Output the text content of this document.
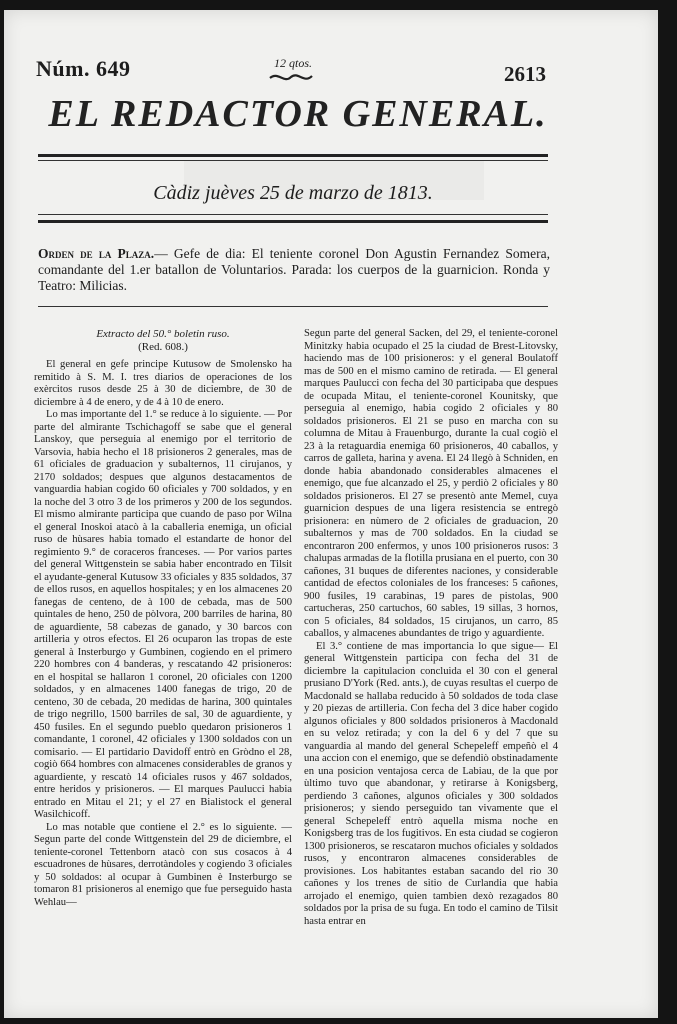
Núm. 649	12 qtos.	2613
EL REDACTOR GENERAL.
Càdiz juèves 25 de marzo de 1813.

Orden de la Plaza.— Gefe de dia: El teniente coronel Don Agustin Fernandez Somera, comandante del 1.er batallon de Voluntarios. Parada: los cuerpos de la guarnicion. Ronda y Teatro: Milicias.

Extracto del 50.° boletin ruso.

(Red. 608.)

El general en gefe principe Kutusow de Smolensko ha remitido à S. M. I. tres diarios de operaciones de los exèrcitos rusos desde 25 à 30 de diciembre, de 30 de diciembre à 4 de enero, y de 4 à 10 de enero.

Lo mas importante del 1.° se reduce à lo siguiente. — Por parte del almirante Tschichagoff se sabe que el general Lanskoy, que perseguia al enemigo por el territorio de Varsovia, habia hecho el 18 prisioneros 2 generales, mas de 61 oficiales de graduacion y subalternos, 11 cirujanos, y 2170 soldados; despues que algunos destacamentos de vanguardia habian cogido 60 oficiales y 700 soldados, y en la noche del 3 otro 3 de los primeros y 200 de los segundos. El mismo almirante participa que cuando de paso por Wilna el general Inoskoi atacò à la caballeria enemiga, un oficial ruso de hùsares habia tomado el estandarte de honor del regimiento 9.° de coraceros franceses. — Por varios partes del general Wittgenstein se sabia haber encontrado en Tilsit el ayudante-general Kutusow 33 oficiales y 835 soldados, 37 de ellos rusos, en aquellos hospitales; y en los almacenes 20 fanegas de centeno, de à 100 de cebada, mas de 500 quintales de heno, 250 de pòlvora, 200 barriles de harina, 80 de aguardiente, 58 cabezas de ganado, y 30 barcos con artilleria y otros efectos. El 26 ocuparon las tropas de este general à Insterburgo y Gumbinen, cogiendo en el primero 220 hombres con 4 banderas, y rescatando 42 prisioneros: en el hospital se hallaron 1 coronel, 20 oficiales con 1200 soldados, y en almacenes 1400 fanegas de trigo, 20 de centeno, 30 de cebada, 20 medidas de harina, 300 quintales de trigo negrillo, 1500 barriles de sal, 30 de aguardiente, y 450 fusiles. En el segundo pueblo quedaron prisioneros 1 comandante, 1 coronel, 42 oficiales y 1300 soldados con un comisario. — El partidario Davidoff entrò en Gròdno el 28, cogiò 664 hombres con almacenes considerables de granos y aguardiente, y rescatò 14 oficiales rusos y 467 soldados, entre heridos y prisioneros. — El marques Paulucci habia entrado en Mitau el 21; y el 27 en Bialistock el general Wasilchicoff.

Lo mas notable que contiene el 2.° es lo siguiente. — Segun parte del conde Wittgenstein del 29 de diciembre, el teniente-coronel Tettenborn atacò con sus cosacos à 4 escuadrones de hùsares, derrotàndoles y cogiendo 3 oficiales y 50 soldados: al ocupar à Gumbinen è Insterburgo se tomaron 81 prisioneros al enemigo que fue perseguido hasta Wehlau—

Segun parte del general Sacken, del 29, el teniente-coronel Minitzky habia ocupado el 25 la ciudad de Brest-Litovsky, haciendo mas de 100 prisioneros: y el general Boulatoff mas de 500 en el mismo camino de retirada. — El general marques Paulucci con fecha del 30 participaba que despues de ocupada Mitau, el teniente-coronel Kounitsky, que perseguia al enemigo, habia cogido 2 oficiales y 80 soldados prisioneros. El 21 se puso en marcha con su columna de Mitau à Frauenburgo, durante la cual cogiò el 23 à la retaguardia enemiga 60 prisioneros, 40 caballos, y carros de galleta, harina y avena. El 24 llegò à Schniden, en donde habia abandonado considerables almacenes el enemigo, que fue alcanzado el 25, y perdiò 2 oficiales y 80 soldados prisioneros. El 27 se presentò ante Memel, cuya guarnicion despues de una ligera resistencia se entregò prisionera: en nùmero de 2 oficiales de graduacion, 20 subalternos y mas de 700 soldados. En la ciudad se encontraron 200 enfermos, y unos 100 prisioneros rusos: 3 chalupas armadas de la flotilla prusiana en el puerto, con 30 cañones, 31 buques de diferentes naciones, y considerable cantidad de efectos coloniales de los franceses: 5 cañones, 900 fusiles, 19 carabinas, 19 pares de pistolas, 900 cartucheras, 250 cartuchos, 60 sables, 19 sillas, 3 hornos, con 5 oficiales, 84 soldados, 15 cirujanos, un carro, 85 caballos, y almacenes abundantes de trigo y aguardiente.

El 3.° contiene de mas importancia lo que sigue— El general Wittgenstein participa con fecha del 31 de diciembre la capitulacion concluida el 30 con el general prusiano D'York (Red. ants.), de cuyas resultas el cuerpo de Macdonald se hallaba reducido à 50 soldados de toda clase y 20 piezas de artilleria. Con fecha del 3 dice haber cogido algunos oficiales y 800 soldados prisioneros à Macdonald en su veloz retirada; y con la del 6 y del 7 que su vanguardia al mando del general Schepeleff empeñò el 4 una accion con el enemigo, que se defendiò obstinadamente en una posicion ventajosa cerca de Labiau, de la que por ùltimo tuvo que abandonar, y retirarse à Konigsberg, perdiendo 3 cañones, algunos oficiales y 300 soldados prisioneros; y siendo perseguido tan vivamente que el general Schepeleff entrò aquella misma noche en Konigsberg tras de los fugitivos. En esta ciudad se cogieron 1300 prisioneros, se rescataron muchos oficiales y soldados rusos, y encontraron almacenes considerables de provisiones. Los habitantes estaban sacando del rio 30 cañones y los trenes de sitio de Curlandia que habia arrojado el enemigo, quien tambien dexò rezagados 80 soldados por la prisa de su fuga. En todo el camino de Tilsit hasta entrar en
